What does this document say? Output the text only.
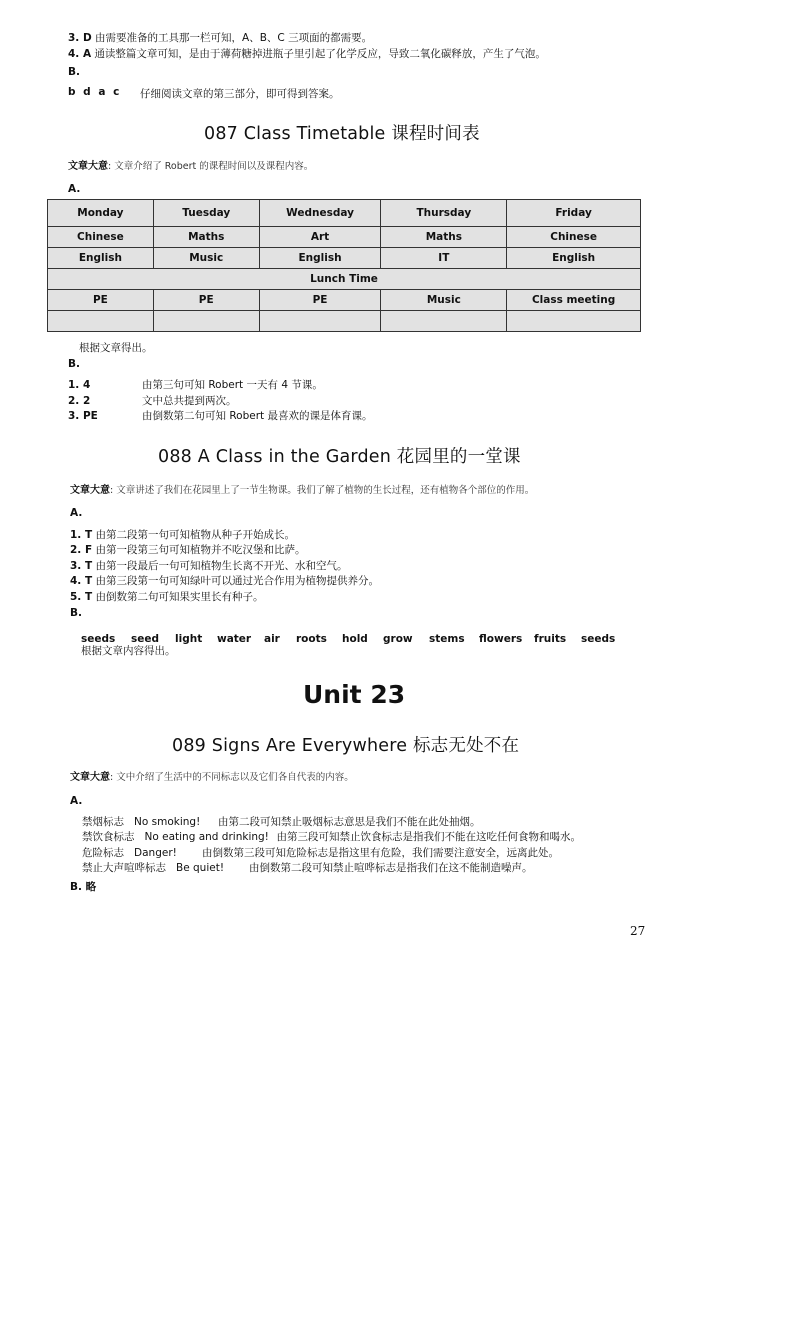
3. D 由需要准备的工具那一栏可知，A、B、C 三项面的都需要。
4. A 通读整篇文章可知，是由于薄荷糖掉进瓶子里引起了化学反应，导致二氧化碳释放，产生了气泡。
B.
b d a c 仔细阅读文章的第三部分，即可得到答案。
087 Class Timetable 课程时间表
文章大意: 文章介绍了 Robert 的课程时间以及课程内容。
A.
Monday	Tuesday	Wednesday	Thursday	Friday
Chinese	Maths	Art	Maths	Chinese
English	Music	English	IT	English
Lunch Time				
PE	PE	PE	Music	Class meeting

根据文章得出。
B.
1. 4	由第三句可知 Robert 一天有 4 节课。
2. 2	文中总共提到两次。
3. PE	由倒数第二句可知 Robert 最喜欢的课是体育课。
088 A Class in the Garden 花园里的一堂课
文章大意: 文章讲述了我们在花园里上了一节生物课。我们了解了植物的生长过程，还有植物各个部位的作用。
A.
1. T 由第二段第一句可知植物从种子开始成长。
2. F 由第一段第三句可知植物并不吃汉堡和比萨。
3. T 由第一段最后一句可知植物生长离不开光、水和空气。
4. T 由第三段第一句可知绿叶可以通过光合作用为植物提供养分。
5. T 由倒数第二句可知果实里长有种子。
B.
seeds seed light water air roots hold grow stems flowers fruits seeds
根据文章内容得出。
Unit 23
089 Signs Are Everywhere 标志无处不在
文章大意: 文中介绍了生活中的不同标志以及它们各自代表的内容。
A.
禁烟标志 No smoking! 由第二段可知禁止吸烟标志意思是我们不能在此处抽烟。
禁饮食标志 No eating and drinking! 由第三段可知禁止饮食标志是指我们不能在这吃任何食物和喝水。
危险标志 Danger! 由倒数第三段可知危险标志是指这里有危险，我们需要注意安全，远离此处。
禁止大声喧哗标志 Be quiet! 由倒数第二段可知禁止喧哗标志是指我们在这不能制造噪声。
B. 略
27
